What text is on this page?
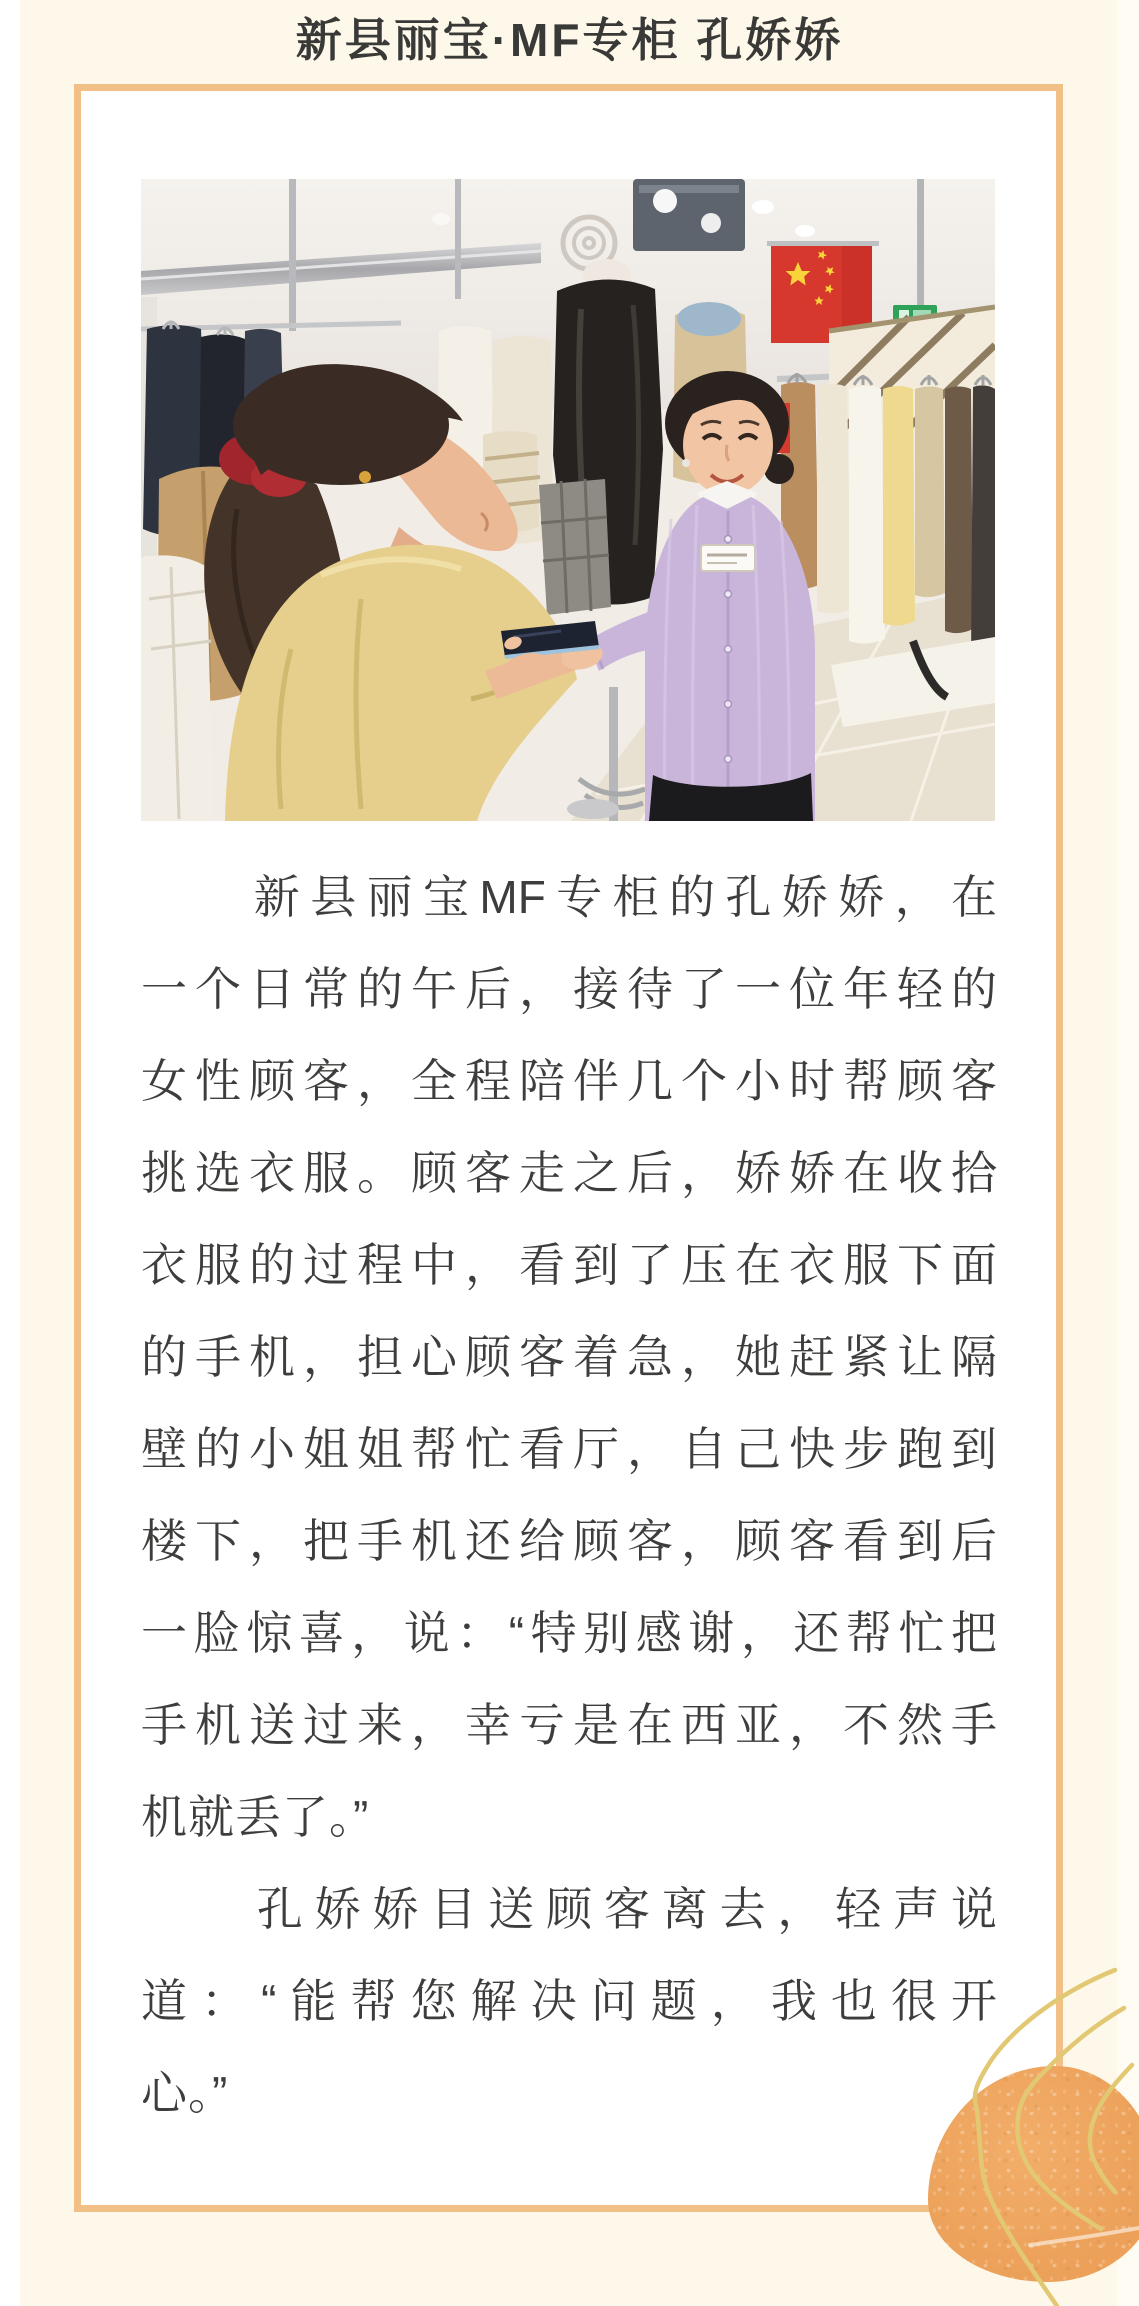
新县丽宝·MF专柜 孔娇娇
　　新县丽宝MF专柜的孔娇娇，在
一个日常的午后，接待了一位年轻的
女性顾客，全程陪伴几个小时帮顾客
挑选衣服。顾客走之后，娇娇在收拾
衣服的过程中，看到了压在衣服下面
的手机，担心顾客着急，她赶紧让隔
壁的小姐姐帮忙看厅，自己快步跑到
楼下，把手机还给顾客，顾客看到后
一脸惊喜，说：“特别感谢，还帮忙把
手机送过来，幸亏是在西亚，不然手
机就丢了。”
　　孔娇娇目送顾客离去，轻声说
道：“能帮您解决问题，我也很开
心。”
